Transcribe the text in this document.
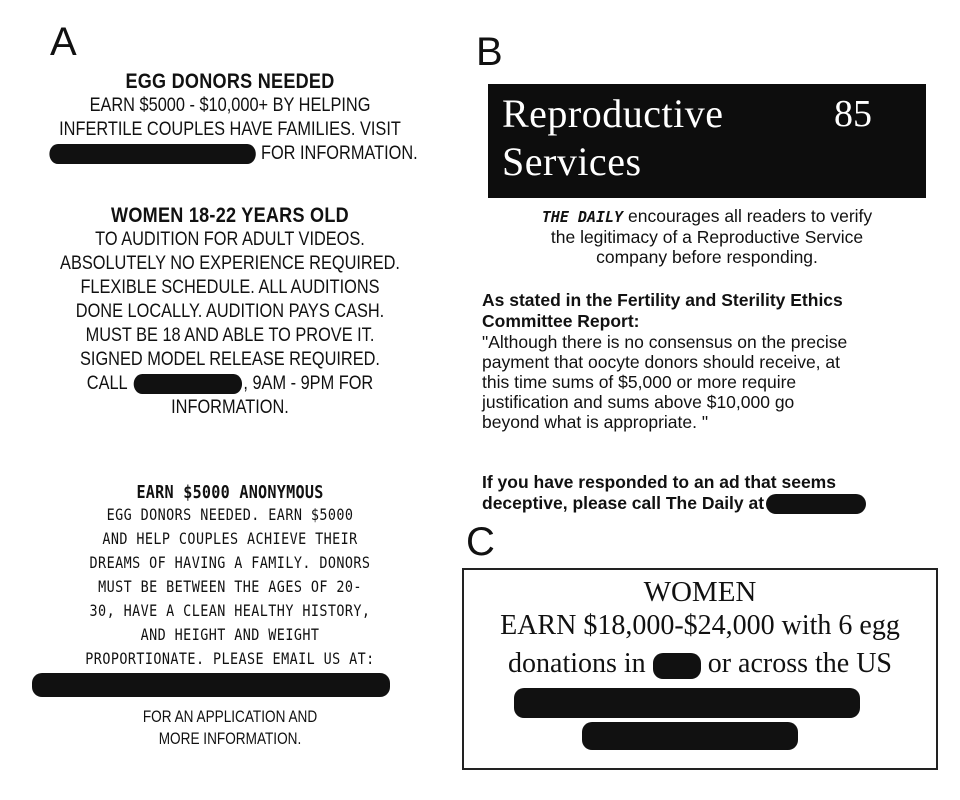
A
EGG DONORS NEEDED
EARN $5000 - $10,000+ BY HELPING
INFERTILE COUPLES HAVE FAMILIES. VISIT
FOR INFORMATION.
WOMEN 18-22 YEARS OLD
TO AUDITION FOR ADULT VIDEOS.
ABSOLUTELY NO EXPERIENCE REQUIRED.
FLEXIBLE SCHEDULE. ALL AUDITIONS
DONE LOCALLY. AUDITION PAYS CASH.
MUST BE 18 AND ABLE TO PROVE IT.
SIGNED MODEL RELEASE REQUIRED.
CALL	, 9AM - 9PM FOR
INFORMATION.
EARN $5000 ANONYMOUS
EGG DONORS NEEDED. EARN $5000
AND HELP COUPLES ACHIEVE THEIR
DREAMS OF HAVING A FAMILY. DONORS
MUST BE BETWEEN THE AGES OF 20-
30, HAVE A CLEAN HEALTHY HISTORY,
AND HEIGHT AND WEIGHT
PROPORTIONATE. PLEASE EMAIL US AT:
FOR AN APPLICATION AND
MORE INFORMATION.
B
Reproductive
Services
85
THE DAILY encourages all readers to verify
the legitimacy of a Reproductive Service
company before responding.
As stated in the Fertility and Sterility Ethics
Committee Report:
"Although there is no consensus on the precise
payment that oocyte donors should receive, at
this time sums of $5,000 or more require
justification and sums above $10,000 go
beyond what is appropriate. "
If you have responded to an ad that seems
deceptive, please call The Daily at
C
WOMEN
EARN $18,000-$24,000 with 6 egg
donations in or across the US
